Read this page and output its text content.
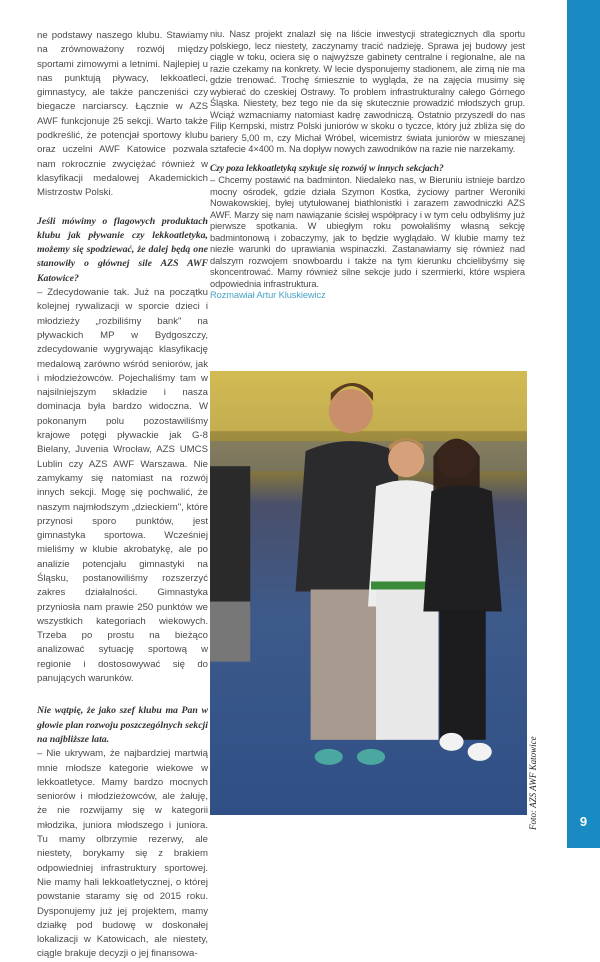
ne podstawy naszego klubu. Stawiamy na zrównoważony rozwój między sportami zimowymi a letnimi. Najlepiej u nas punktują pływacy, lekkoatleci, gimnastycy, ale także panczeniści czy biegacze narciarscy. Łącznie w AZS AWF funkcjonuje 25 sekcji. Warto także podkreślić, że potencjał sportowy klubu oraz uczelni AWF Katowice pozwala nam rokrocznie zwyciężać również w klasyfikacji medalowej Akademickich Mistrzostw Polski.

Jeśli mówimy o flagowych produktach klubu jak pływanie czy lekkoatletyka, możemy się spodziewać, że dalej będą one stanowiły o głównej sile AZS AWF Katowice?

– Zdecydowanie tak. Już na początku kolejnej rywalizacji w sporcie dzieci i młodzieży „rozbiliśmy bank" na pływackich MP w Bydgoszczy, zdecydowanie wygrywając klasyfikację medalową zarówno wśród seniorów, jak i młodzieżowców. Pojechaliśmy tam w najsilniejszym składzie i nasza dominacja była bardzo widoczna. W pokonanym polu pozostawiliśmy krajowe potęgi pływackie jak G-8 Bielany, Juvenia Wrocław, AZS UMCS Lublin czy AZS AWF Warszawa. Nie zamykamy się natomiast na rozwój innych sekcji. Mogę się pochwalić, że naszym najmłodszym „dzieckiem", które przynosi sporo punktów, jest gimnastyka sportowa. Wcześniej mieliśmy w klubie akrobatykę, ale po analizie potencjału gimnastyki na Śląsku, postanowiliśmy rozszerzyć zakres działalności. Gimnastyka przyniosła nam prawie 250 punktów we wszystkich kategoriach wiekowych. Trzeba po prostu na bieżąco analizować sytuację sportową w regionie i dostosowywać się do panujących warunków.

Nie wątpię, że jako szef klubu ma Pan w głowie plan rozwoju poszczególnych sekcji na najbliższe lata.

– Nie ukrywam, że najbardziej martwią mnie młodsze kategorie wiekowe w lekkoatletyce. Mamy bardzo mocnych seniorów i młodzieżowców, ale żałuję, że nie rozwijamy się w kategorii młodzika, juniora młodszego i juniora. Tu mamy olbrzymie rezerwy, ale niestety, borykamy się z brakiem odpowiedniej infrastruktury sportowej. Nie mamy hali lekkoatletycznej, o której powstanie staramy się od 2015 roku. Dysponujemy już jej projektem, mamy działkę pod budowę w doskonałej lokalizacji w Katowicach, ale niestety, ciągle brakuje decyzji o jej finansowa-

niu. Nasz projekt znalazł się na liście inwestycji strategicznych dla sportu polskiego, lecz niestety, zaczynamy tracić nadzieję. Sprawa jej budowy jest ciągle w toku, ociera się o najwyższe gabinety centralne i regionalne, ale na razie czekamy na konkrety. W lecie dysponujemy stadionem, ale zimą nie ma gdzie trenować. Trochę śmiesznie to wygląda, że na zajęcia musimy się wybierać do czeskiej Ostrawy. To problem infrastrukturalny całego Górnego Śląska. Niestety, bez tego nie da się skutecznie prowadzić młodszych grup. Wciąż wzmacniamy natomiast kadrę zawodniczą. Ostatnio przyszedł do nas Filip Kempski, mistrz Polski juniorów w skoku o tyczce, który już zbliża się do bariery 5,00 m, czy Michał Wróbel, wicemistrz świata juniorów w mieszanej sztafecie 4×400 m. Na dopływ nowych zawodników na razie nie narzekamy.

Czy poza lekkoatletyką szykuje się rozwój w innych sekcjach?

– Chcemy postawić na badminton. Niedaleko nas, w Bieruniu istnieje bardzo mocny ośrodek, gdzie działa Szymon Kostka, życiowy partner Weroniki Nowakowskiej, byłej utytułowanej biathlonistki i zarazem zawodniczki AZS AWF. Marzy się nam nawiązanie ścisłej współpracy i w tym celu odbyliśmy już pierwsze spotkania. W ubiegłym roku powołaliśmy własną sekcję badmintonową i zobaczymy, jak to będzie wyglądało. W klubie mamy też niezłe warunki do uprawiania wspinaczki. Zastanawiamy się również nad dalszym rozwojem snowboardu i także na tym kierunku chcielibyśmy się skoncentrować. Mamy również silne sekcje judo i szermierki, które wspiera odpowiednia infrastruktura.

Rozmawiał Artur Kluskiewicz

Foto: AZS AWF Katowice	9
